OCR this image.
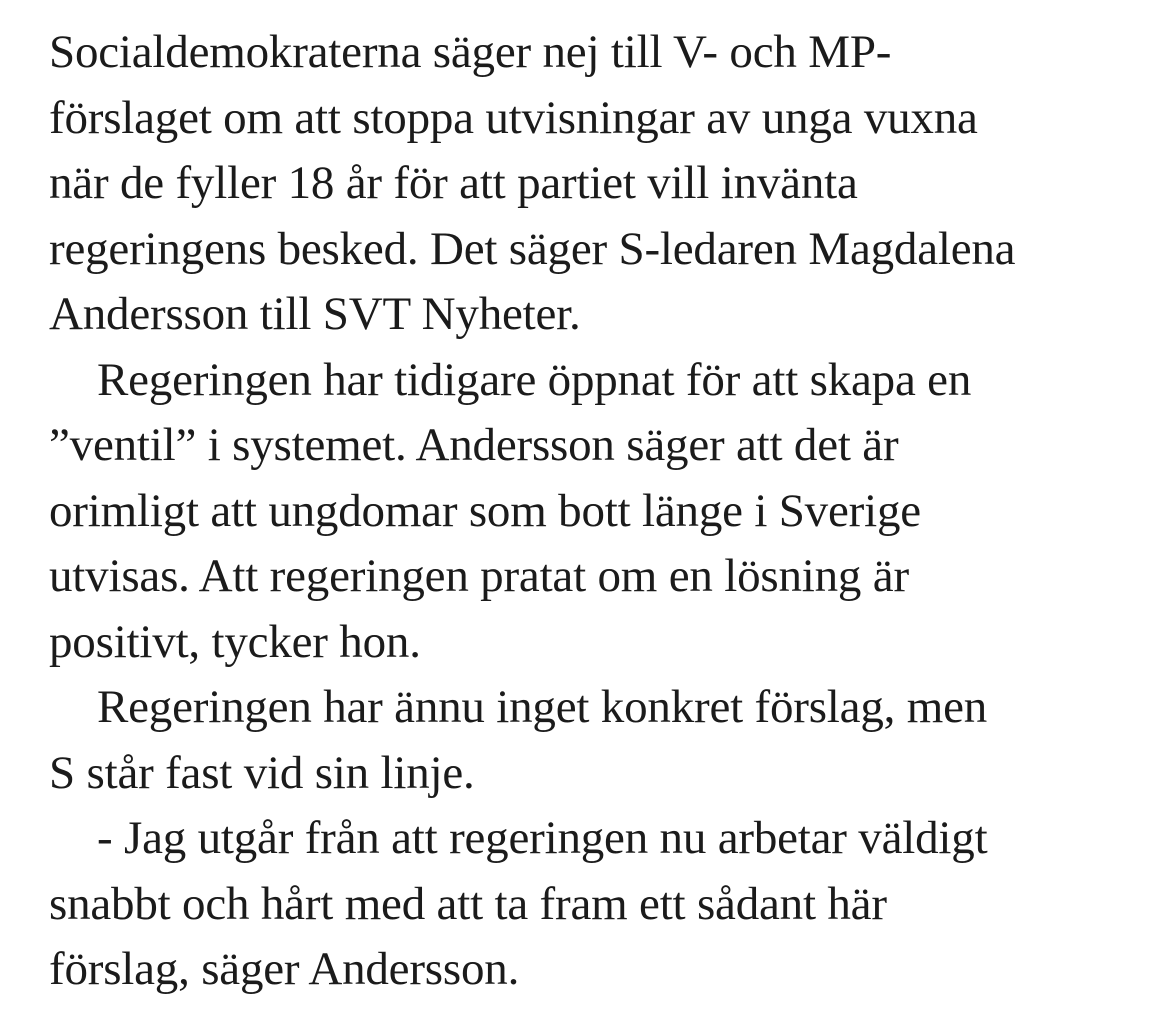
Socialdemokraterna säger nej till V- och MP-
förslaget om att stoppa utvisningar av unga vuxna
när de fyller 18 år för att partiet vill invänta
regeringens besked. Det säger S-ledaren Magdalena
Andersson till SVT Nyheter.

Regeringen har tidigare öppnat för att skapa en
”ventil” i systemet. Andersson säger att det är
orimligt att ungdomar som bott länge i Sverige
utvisas. Att regeringen pratat om en lösning är
positivt, tycker hon.

Regeringen har ännu inget konkret förslag, men
S står fast vid sin linje.

- Jag utgår från att regeringen nu arbetar väldigt
snabbt och hårt med att ta fram ett sådant här
förslag, säger Andersson.
